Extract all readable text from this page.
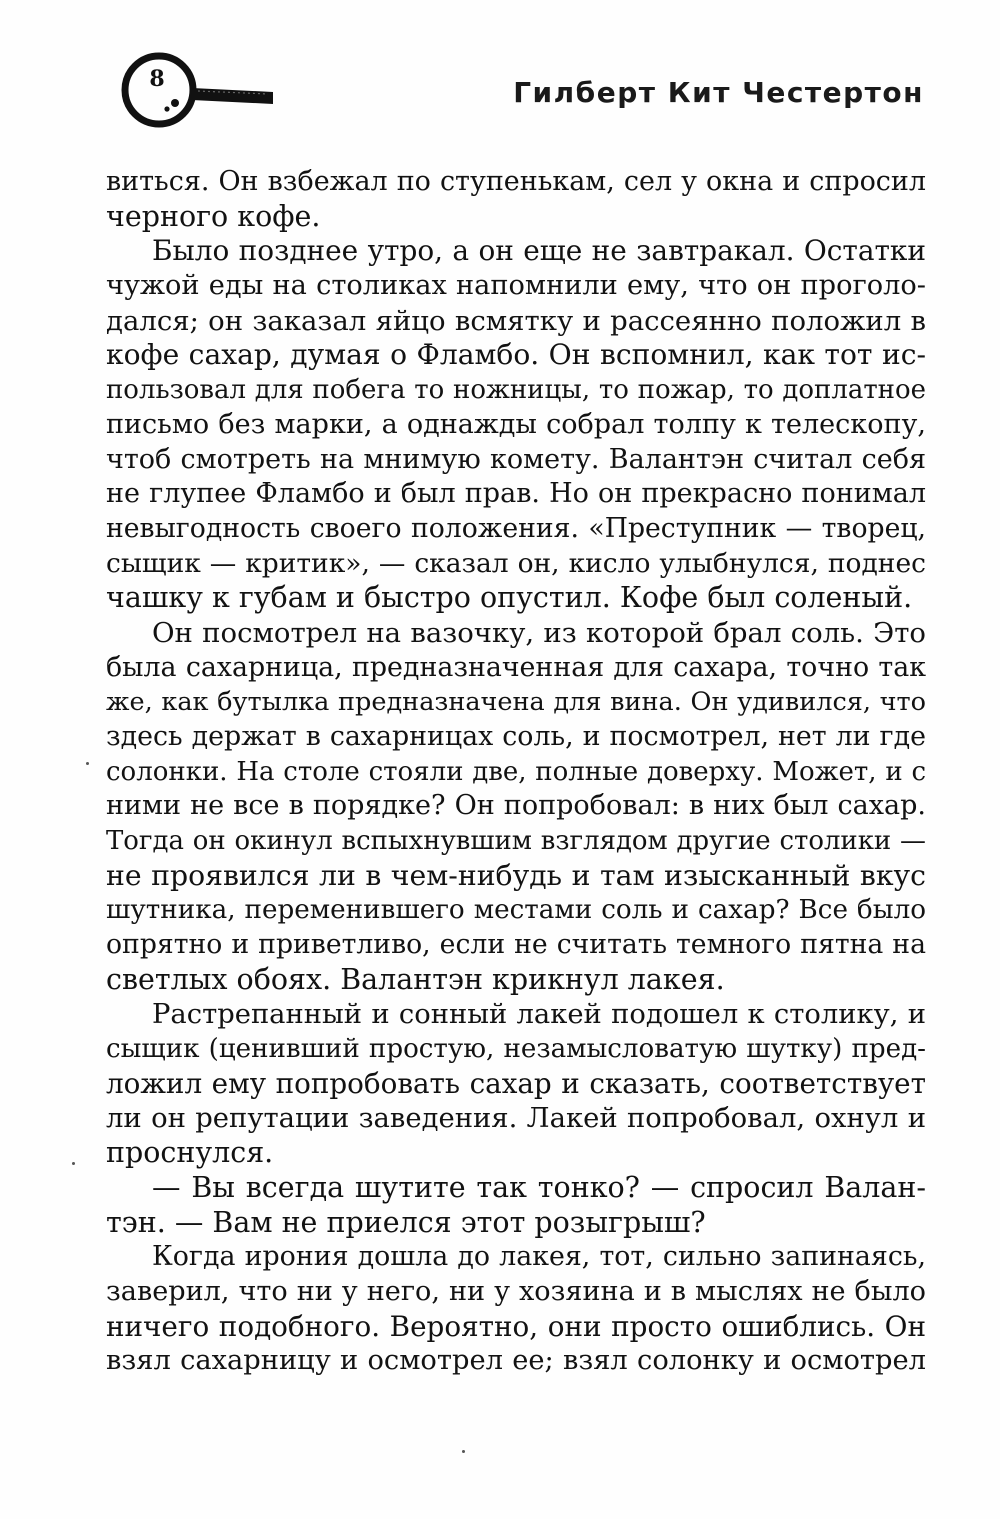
8	Гилберт Кит Честертон
виться. Он взбежал по ступенькам, сел у окна и спросил
черного кофе.
Было позднее утро, а он еще не завтракал. Остатки
чужой еды на столиках напомнили ему, что он проголо-
дался; он заказал яйцо всмятку и рассеянно положил в
кофе сахар, думая о Фламбо. Он вспомнил, как тот ис-
пользовал для побега то ножницы, то пожар, то доплатное
письмо без марки, а однажды собрал толпу к телескопу,
чтоб смотреть на мнимую комету. Валантэн считал себя
не глупее Фламбо и был прав. Но он прекрасно понимал
невыгодность своего положения. «Преступник — творец,
сыщик — критик», — сказал он, кисло улыбнулся, поднес
чашку к губам и быстро опустил. Кофе был соленый.
Он посмотрел на вазочку, из которой брал соль. Это
была сахарница, предназначенная для сахара, точно так
же, как бутылка предназначена для вина. Он удивился, что
здесь держат в сахарницах соль, и посмотрел, нет ли где
солонки. На столе стояли две, полные доверху. Может, и с
ними не все в порядке? Он попробовал: в них был сахар.
Тогда он окинул вспыхнувшим взглядом другие столики —
не проявился ли в чем-нибудь и там изысканный вкус
шутника, переменившего местами соль и сахар? Все было
опрятно и приветливо, если не считать темного пятна на
светлых обоях. Валантэн крикнул лакея.
Растрепанный и сонный лакей подошел к столику, и
сыщик (ценивший простую, незамысловатую шутку) пред-
ложил ему попробовать сахар и сказать, соответствует
ли он репутации заведения. Лакей попробовал, охнул и
проснулся.
— Вы всегда шутите так тонко? — спросил Валан-
тэн. — Вам не приелся этот розыгрыш?
Когда ирония дошла до лакея, тот, сильно запинаясь,
заверил, что ни у него, ни у хозяина и в мыслях не было
ничего подобного. Вероятно, они просто ошиблись. Он
взял сахарницу и осмотрел ее; взял солонку и осмотрел
